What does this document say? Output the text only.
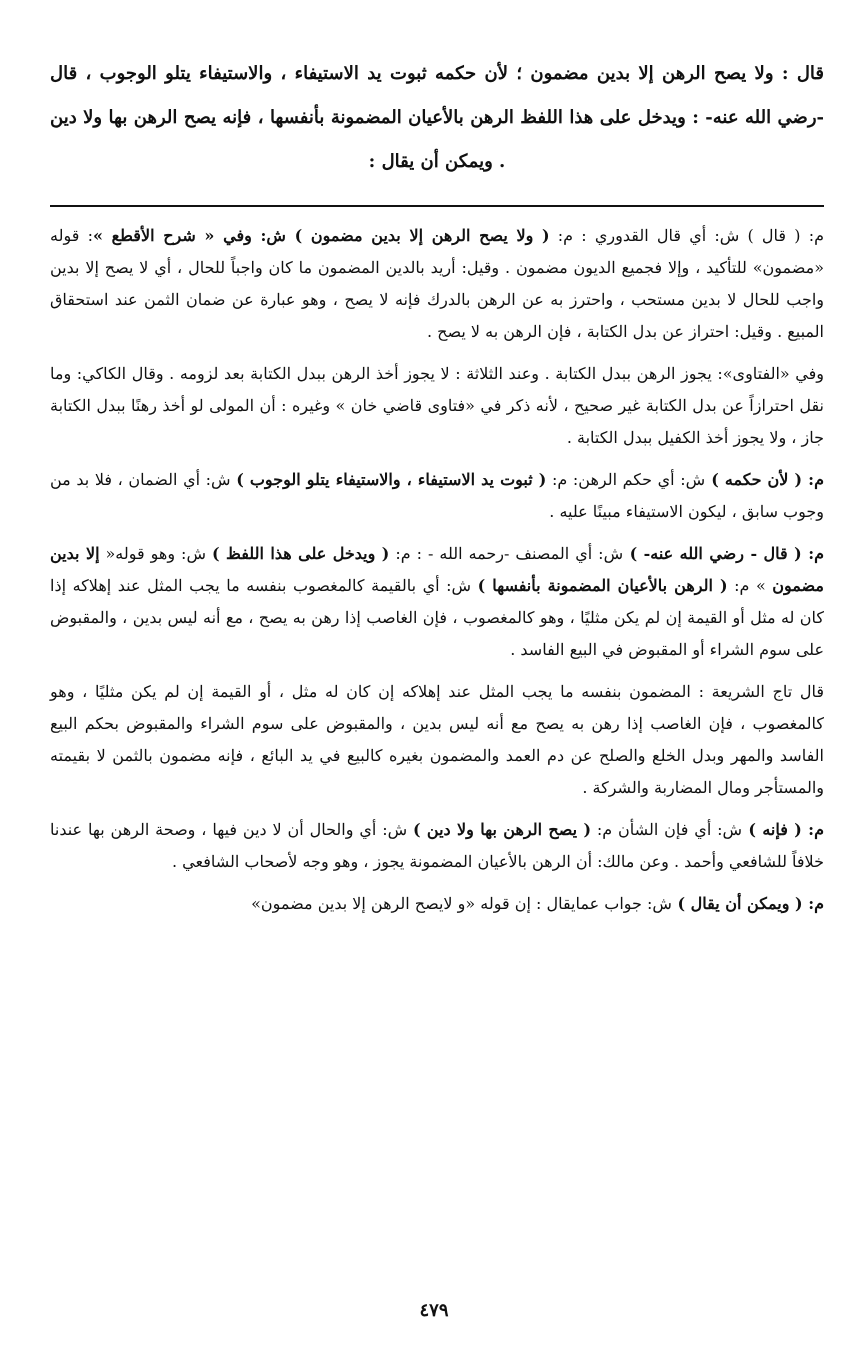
قال : ولا يصح الرهن إلا بدين مضمون ؛ لأن حكمه ثبوت يد الاستيفاء ، والاستيفاء يتلو الوجوب ، قال -رضي الله عنه- : ويدخل على هذا اللفظ الرهن بالأعيان المضمونة بأنفسها ، فإنه يصح الرهن بها ولا دين . ويمكن أن يقال :

م: ( قال ) ش: أي قال القدوري : م: ( ولا يصح الرهن إلا بدين مضمون ) ش: وفي « شرح الأقطع »: قوله «مضمون» للتأكيد ، وإلا فجميع الديون مضمون . وقيل: أريد بالدين المضمون ما كان واجباً للحال ، أي لا يصح إلا بدين واجب للحال لا بدين مستحب ، واحترز به عن الرهن بالدرك فإنه لا يصح ، وهو عبارة عن ضمان الثمن عند استحقاق المبيع . وقيل: احتراز عن بدل الكتابة ، فإن الرهن به لا يصح .

وفي «الفتاوى»: يجوز الرهن ببدل الكتابة . وعند الثلاثة : لا يجوز أخذ الرهن ببدل الكتابة بعد لزومه . وقال الكاكي: وما نقل احترازاً عن بدل الكتابة غير صحيح ، لأنه ذكر في «فتاوى قاضي خان » وغيره : أن المولى لو أخذ رهنًا ببدل الكتابة جاز ، ولا يجوز أخذ الكفيل ببدل الكتابة .

م: ( لأن حكمه ) ش: أي حكم الرهن: م: ( ثبوت يد الاستيفاء ، والاستيفاء يتلو الوجوب ) ش: أي الضمان ، فلا بد من وجوب سابق ، ليكون الاستيفاء مبينًا عليه .

م: ( قال - رضي الله عنه- ) ش: أي المصنف -رحمه الله - : م: ( ويدخل على هذا اللفظ ) ش: وهو قوله« إلا بدين مضمون » م: ( الرهن بالأعيان المضمونة بأنفسها ) ش: أي بالقيمة كالمغصوب بنفسه ما يجب المثل عند إهلاكه إذا كان له مثل أو القيمة إن لم يكن مثليًا ، وهو كالمغصوب ، فإن الغاصب إذا رهن به يصح ، مع أنه ليس بدين ، والمقبوض على سوم الشراء أو المقبوض في البيع الفاسد .

قال تاج الشريعة : المضمون بنفسه ما يجب المثل عند إهلاكه إن كان له مثل ، أو القيمة إن لم يكن مثليًا ، وهو كالمغصوب ، فإن الغاصب إذا رهن به يصح مع أنه ليس بدين ، والمقبوض على سوم الشراء والمقبوض بحكم البيع الفاسد والمهر وبدل الخلع والصلح عن دم العمد والمضمون بغيره كالبيع في يد البائع ، فإنه مضمون بالثمن لا بقيمته والمستأجر ومال المضاربة والشركة .

م: ( فإنه ) ش: أي فإن الشأن م: ( يصح الرهن بها ولا دين ) ش: أي والحال أن لا دين فيها ، وصحة الرهن بها عندنا خلافاً للشافعي وأحمد . وعن مالك: أن الرهن بالأعيان المضمونة يجوز ، وهو وجه لأصحاب الشافعي .

م: ( ويمكن أن يقال ) ش: جواب عمايقال : إن قوله «و لايصح الرهن إلا بدين مضمون»

٤٧٩
